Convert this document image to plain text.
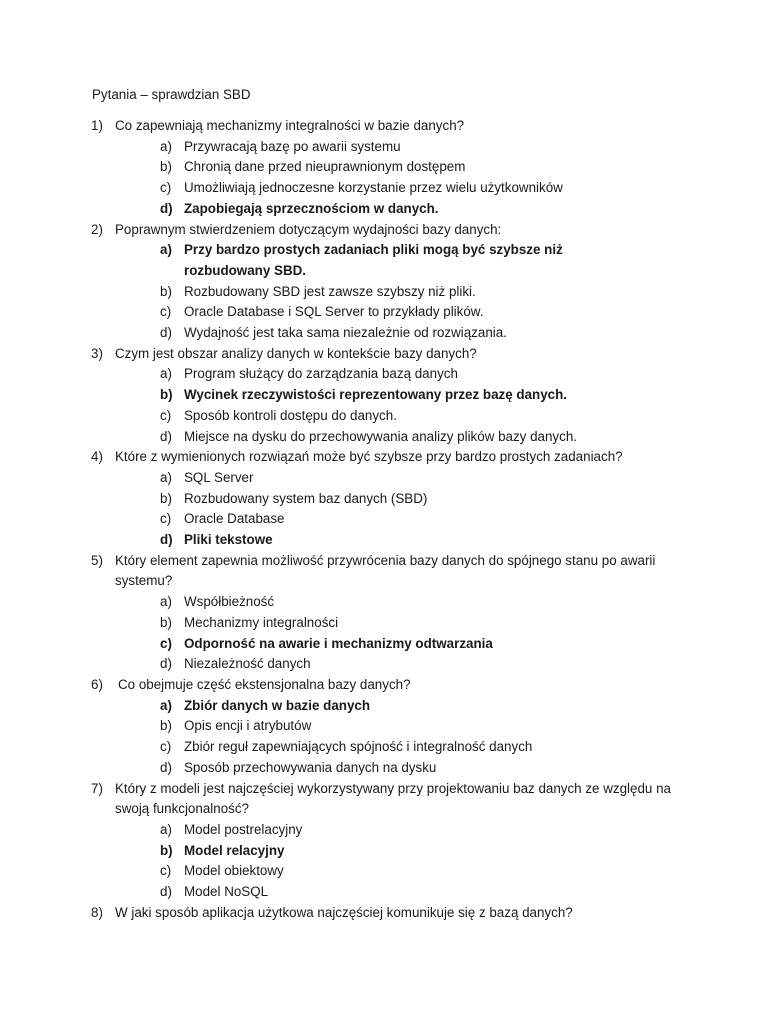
Pytania – sprawdzian SBD
1) Co zapewniają mechanizmy integralności w bazie danych?
a) Przywracają bazę po awarii systemu
b) Chronią dane przed nieuprawnionym dostępem
c) Umożliwiają jednoczesne korzystanie przez wielu użytkowników
d) Zapobiegają sprzecznościom w danych.
2) Poprawnym stwierdzeniem dotyczącym wydajności bazy danych:
a) Przy bardzo prostych zadaniach pliki mogą być szybsze niż rozbudowany SBD.
b) Rozbudowany SBD jest zawsze szybszy niż pliki.
c) Oracle Database i SQL Server to przykłady plików.
d) Wydajność jest taka sama niezależnie od rozwiązania.
3) Czym jest obszar analizy danych w kontekście bazy danych?
a) Program służący do zarządzania bazą danych
b) Wycinek rzeczywistości reprezentowany przez bazę danych.
c) Sposób kontroli dostępu do danych.
d) Miejsce na dysku do przechowywania analizy plików bazy danych.
4) Które z wymienionych rozwiązań może być szybsze przy bardzo prostych zadaniach?
a) SQL Server
b) Rozbudowany system baz danych (SBD)
c) Oracle Database
d) Pliki tekstowe
5) Który element zapewnia możliwość przywrócenia bazy danych do spójnego stanu po awarii systemu?
a) Współbieżność
b) Mechanizmy integralności
c) Odporność na awarie i mechanizmy odtwarzania
d) Niezależność danych
6) Co obejmuje część ekstensjonalna bazy danych?
a) Zbiór danych w bazie danych
b) Opis encji i atrybutów
c) Zbiór reguł zapewniających spójność i integralność danych
d) Sposób przechowywania danych na dysku
7) Który z modeli jest najczęściej wykorzystywany przy projektowaniu baz danych ze względu na swoją funkcjonalność?
a) Model postrelacyjny
b) Model relacyjny
c) Model obiektowy
d) Model NoSQL
8) W jaki sposób aplikacja użytkowa najczęściej komunikuje się z bazą danych?
